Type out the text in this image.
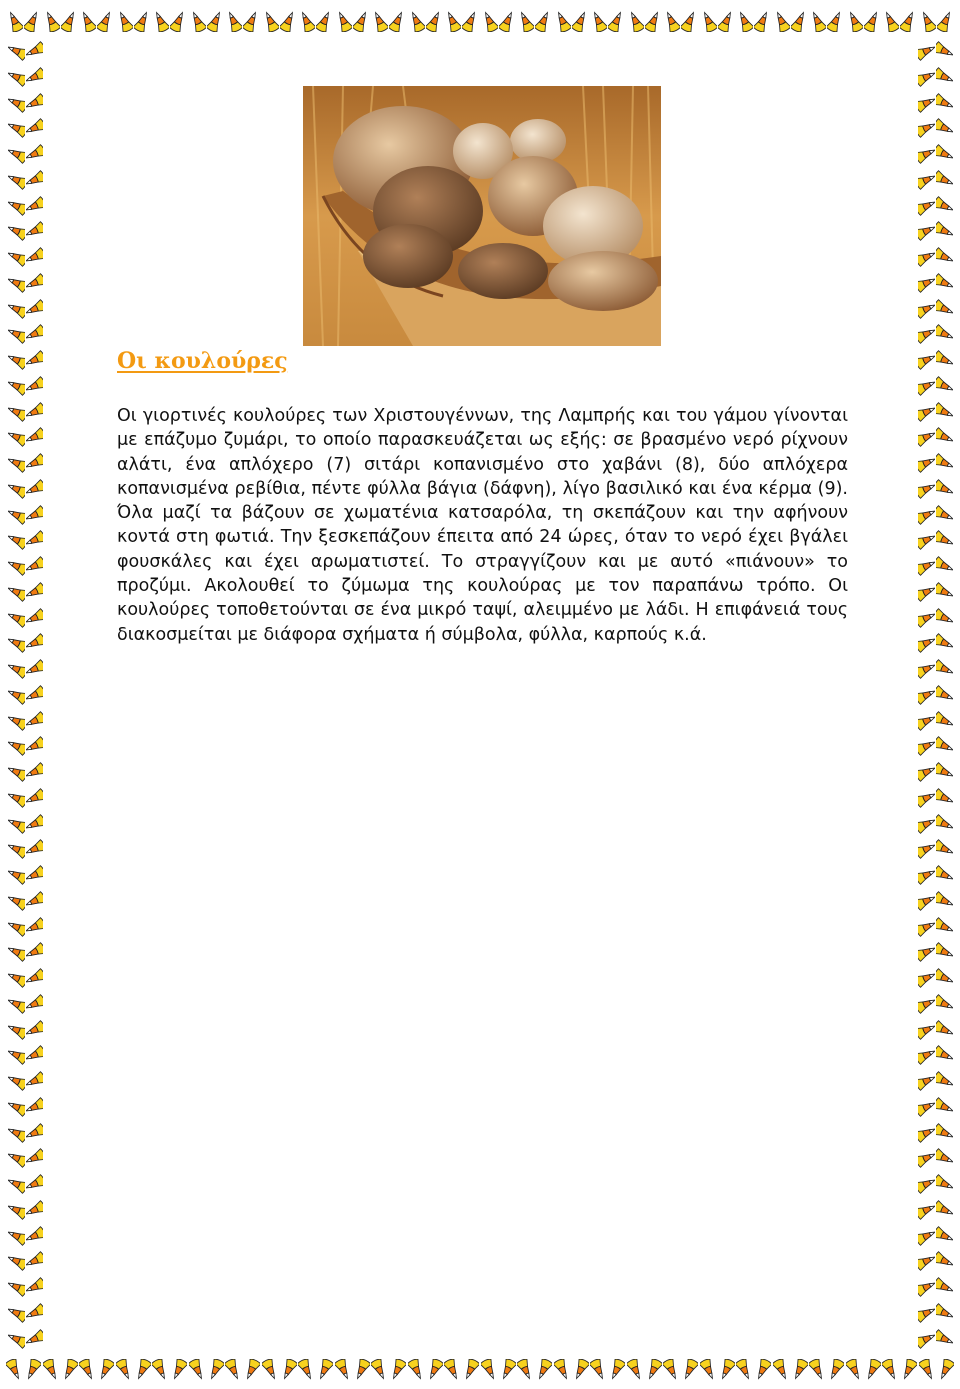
Οι κουλούρες

Οι γιορτινές κουλούρες των Χριστουγέννων, της Λαμπρής και του γάμου γίνονται με επάζυμο ζυμάρι, το οποίο παρασκευάζεται ως εξής: σε βρασμένο νερό ρίχνουν αλάτι, ένα απλόχερο (7) σιτάρι κοπανισμένο στο χαβάνι (8), δύο απλόχερα κοπανισμένα ρεβίθια, πέντε φύλλα βάγια (δάφνη), λίγο βασιλικό και ένα κέρμα (9). Όλα μαζί τα βάζουν σε χωματένια κατσαρόλα, τη σκεπάζουν και την αφήνουν κοντά στη φωτιά. Την ξεσκεπάζουν έπειτα από 24 ώρες, όταν το νερό έχει βγάλει φουσκάλες και έχει αρωματιστεί. Το στραγγίζουν και με αυτό «πιάνουν» το προζύμι. Ακολουθεί το ζύμωμα της κουλούρας με τον παραπάνω τρόπο. Οι κουλούρες τοποθετούνται σε ένα μικρό ταψί, αλειμμένο με λάδι. Η επιφάνειά τους διακοσμείται με διάφορα σχήματα ή σύμβολα, φύλλα, καρπούς κ.ά.
